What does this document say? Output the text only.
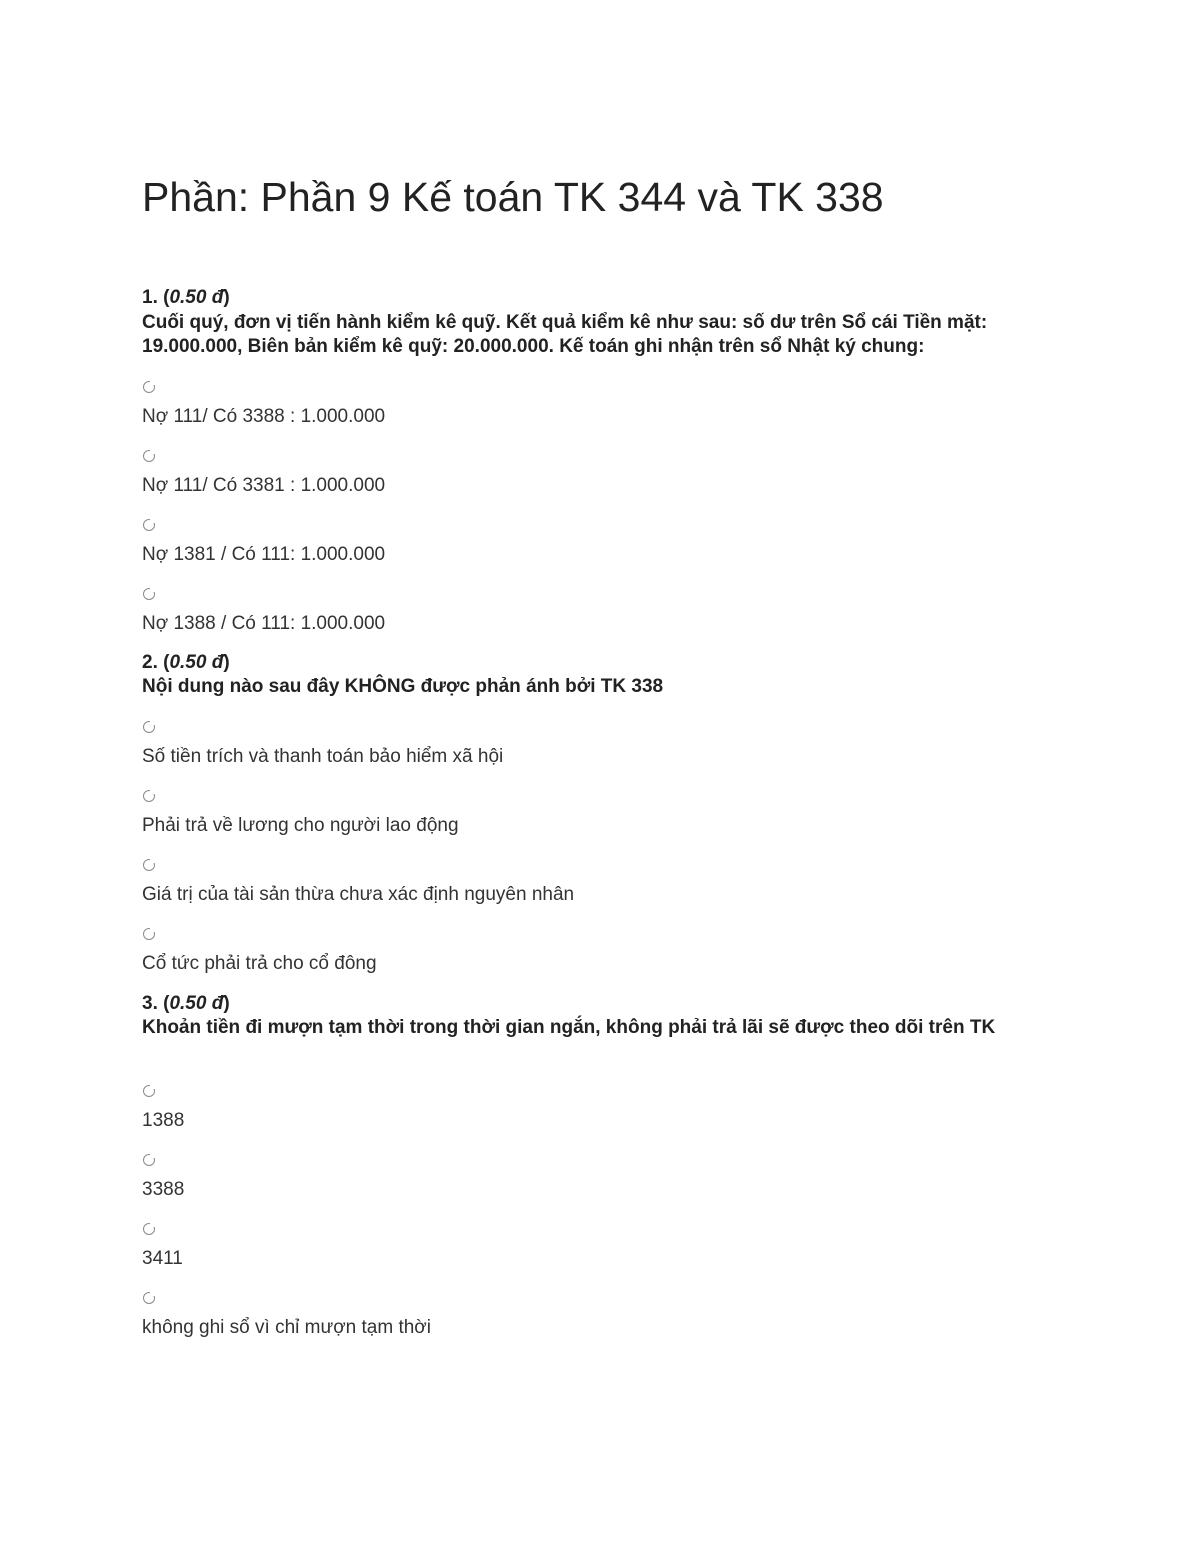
Phần: Phần 9 Kế toán TK 344 và TK 338
1. (0.50 đ)
Cuối quý, đơn vị tiến hành kiểm kê quỹ. Kết quả kiểm kê như sau: số dư trên Sổ cái Tiền mặt: 19.000.000, Biên bản kiểm kê quỹ: 20.000.000. Kế toán ghi nhận trên sổ Nhật ký chung:
Nợ 111/ Có 3388 : 1.000.000
Nợ 111/ Có 3381 : 1.000.000
Nợ 1381 / Có 111: 1.000.000
Nợ 1388 / Có 111: 1.000.000
2. (0.50 đ)
Nội dung nào sau đây KHÔNG được phản ánh bởi TK 338
Số tiền trích và thanh toán bảo hiểm xã hội
Phải trả về lương cho người lao động
Giá trị của tài sản thừa chưa xác định nguyên nhân
Cổ tức phải trả cho cổ đông
3. (0.50 đ)
Khoản tiền đi mượn tạm thời trong thời gian ngắn, không phải trả lãi sẽ được theo dõi trên TK
1388
3388
3411
không ghi sổ vì chỉ mượn tạm thời
